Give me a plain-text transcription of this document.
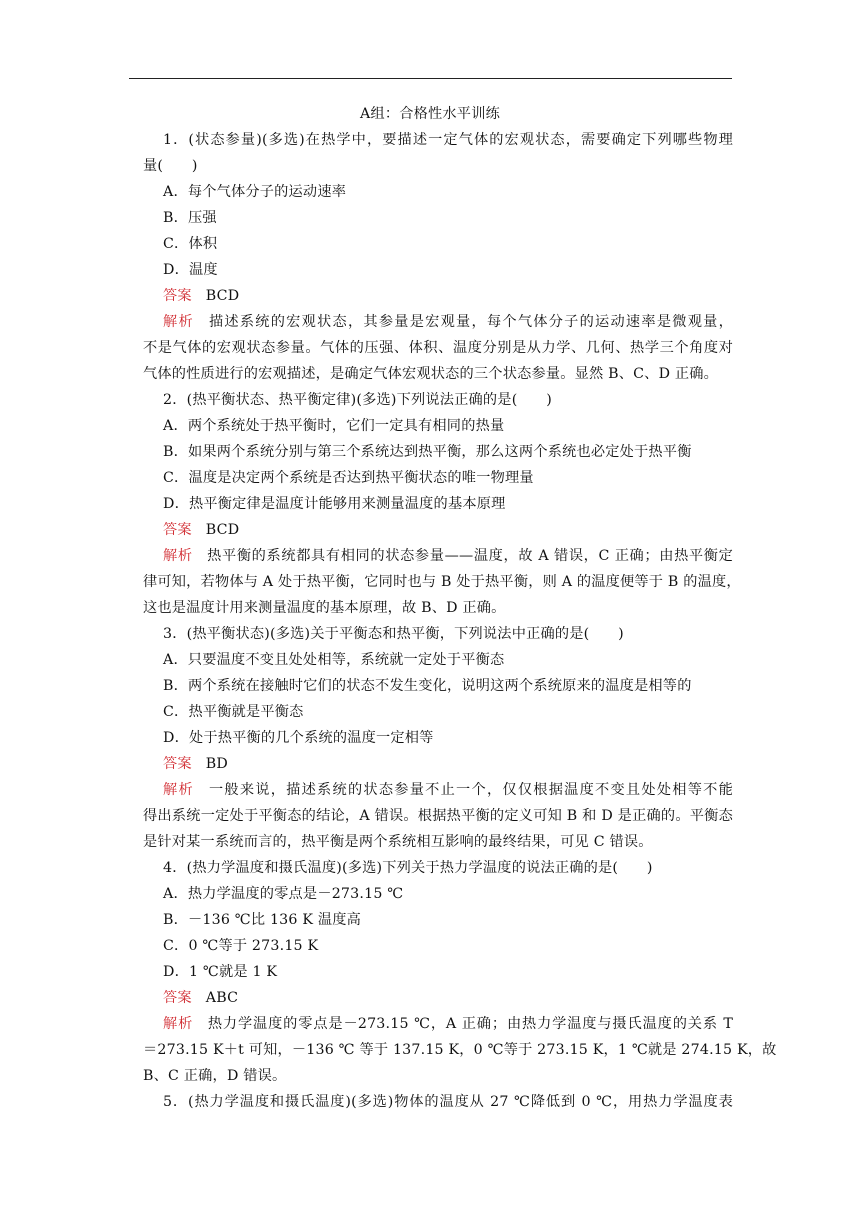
A组：合格性水平训练
1．(状态参量)(多选)在热学中，要描述一定气体的宏观状态，需要确定下列哪些物理
量(　　)
A．每个气体分子的运动速率
B．压强
C．体积
D．温度
答案 BCD
解析 描述系统的宏观状态，其参量是宏观量，每个气体分子的运动速率是微观量，
不是气体的宏观状态参量。气体的压强、体积、温度分别是从力学、几何、热学三个角度对
气体的性质进行的宏观描述，是确定气体宏观状态的三个状态参量。显然 B、C、D 正确。
2．(热平衡状态、热平衡定律)(多选)下列说法正确的是(　　)
A．两个系统处于热平衡时，它们一定具有相同的热量
B．如果两个系统分别与第三个系统达到热平衡，那么这两个系统也必定处于热平衡
C．温度是决定两个系统是否达到热平衡状态的唯一物理量
D．热平衡定律是温度计能够用来测量温度的基本原理
答案 BCD
解析 热平衡的系统都具有相同的状态参量——温度，故 A 错误，C 正确；由热平衡定
律可知，若物体与 A 处于热平衡，它同时也与 B 处于热平衡，则 A 的温度便等于 B 的温度，
这也是温度计用来测量温度的基本原理，故 B、D 正确。
3．(热平衡状态)(多选)关于平衡态和热平衡，下列说法中正确的是(　　)
A．只要温度不变且处处相等，系统就一定处于平衡态
B．两个系统在接触时它们的状态不发生变化，说明这两个系统原来的温度是相等的
C．热平衡就是平衡态
D．处于热平衡的几个系统的温度一定相等
答案 BD
解析 一般来说，描述系统的状态参量不止一个，仅仅根据温度不变且处处相等不能
得出系统一定处于平衡态的结论，A 错误。根据热平衡的定义可知 B 和 D 是正确的。平衡态
是针对某一系统而言的，热平衡是两个系统相互影响的最终结果，可见 C 错误。
4．(热力学温度和摄氏温度)(多选)下列关于热力学温度的说法正确的是(　　)
A．热力学温度的零点是－273.15 ℃
B．－136 ℃比 136 K 温度高
C．0 ℃等于 273.15 K
D．1 ℃就是 1 K
答案 ABC
解析 热力学温度的零点是－273.15 ℃，A 正确；由热力学温度与摄氏温度的关系 T
＝273.15 K＋t 可知，－136 ℃ 等于 137.15 K，0 ℃等于 273.15 K，1 ℃就是 274.15 K，故
B、C 正确，D 错误。
5．(热力学温度和摄氏温度)(多选)物体的温度从 27 ℃降低到 0 ℃，用热力学温度表
